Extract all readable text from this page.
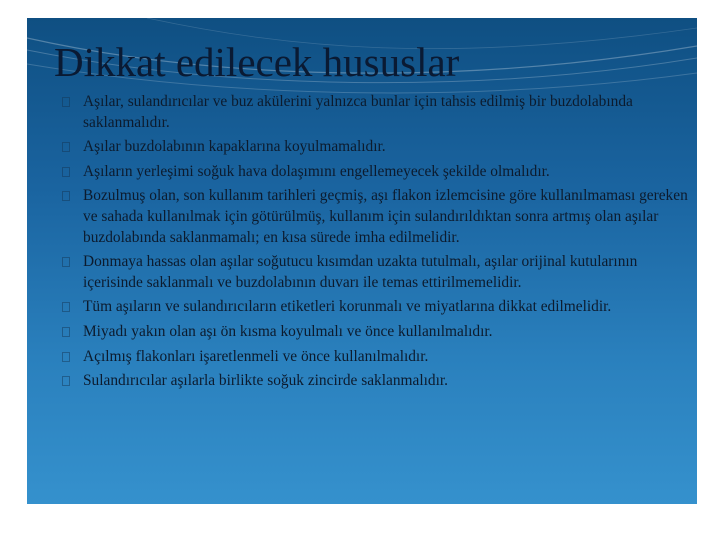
Dikkat edilecek hususlar
Aşılar, sulandırıcılar ve buz akülerini yalnızca bunlar için tahsis edilmiş bir buzdolabında saklanmalıdır.
Aşılar buzdolabının kapaklarına koyulmamalıdır.
Aşıların yerleşimi soğuk hava dolaşımını engellemeyecek şekilde olmalıdır.
Bozulmuş olan, son kullanım tarihleri geçmiş, aşı flakon izlemcisine göre kullanılmaması gereken ve sahada kullanılmak için götürülmüş, kullanım için sulandırıldıktan sonra artmış olan aşılar buzdolabında saklanmamalı; en kısa sürede imha edilmelidir.
Donmaya hassas olan aşılar soğutucu kısımdan uzakta tutulmalı, aşılar orijinal kutularının içerisinde saklanmalı ve buzdolabının duvarı ile temas ettirilmemelidir.
Tüm aşıların ve sulandırıcıların etiketleri korunmalı ve miyatlarına dikkat edilmelidir.
Miyadı yakın olan aşı ön kısma koyulmalı ve önce kullanılmalıdır.
Açılmış flakonları işaretlenmeli ve önce kullanılmalıdır.
Sulandırıcılar aşılarla birlikte soğuk zincirde saklanmalıdır.
